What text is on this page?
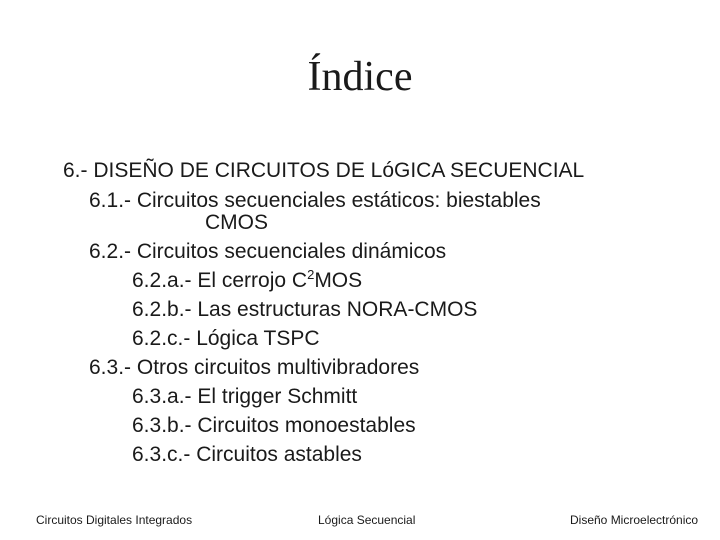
Índice
6.- DISEÑO DE CIRCUITOS DE LóGICA SECUENCIAL
6.1.- Circuitos secuenciales estáticos: biestables
CMOS
6.2.- Circuitos secuenciales dinámicos
6.2.a.- El cerrojo $C^2MOS$
6.2.b.- Las estructuras NORA-CMOS
6.2.c.- Lógica TSPC
6.3.- Otros circuitos multivibradores
6.3.a.- El trigger Schmitt
6.3.b.- Circuitos monoestables
6.3.c.- Circuitos astables
Circuitos Digitales Integrados	Lógica Secuencial	Diseño Microelectrónico
